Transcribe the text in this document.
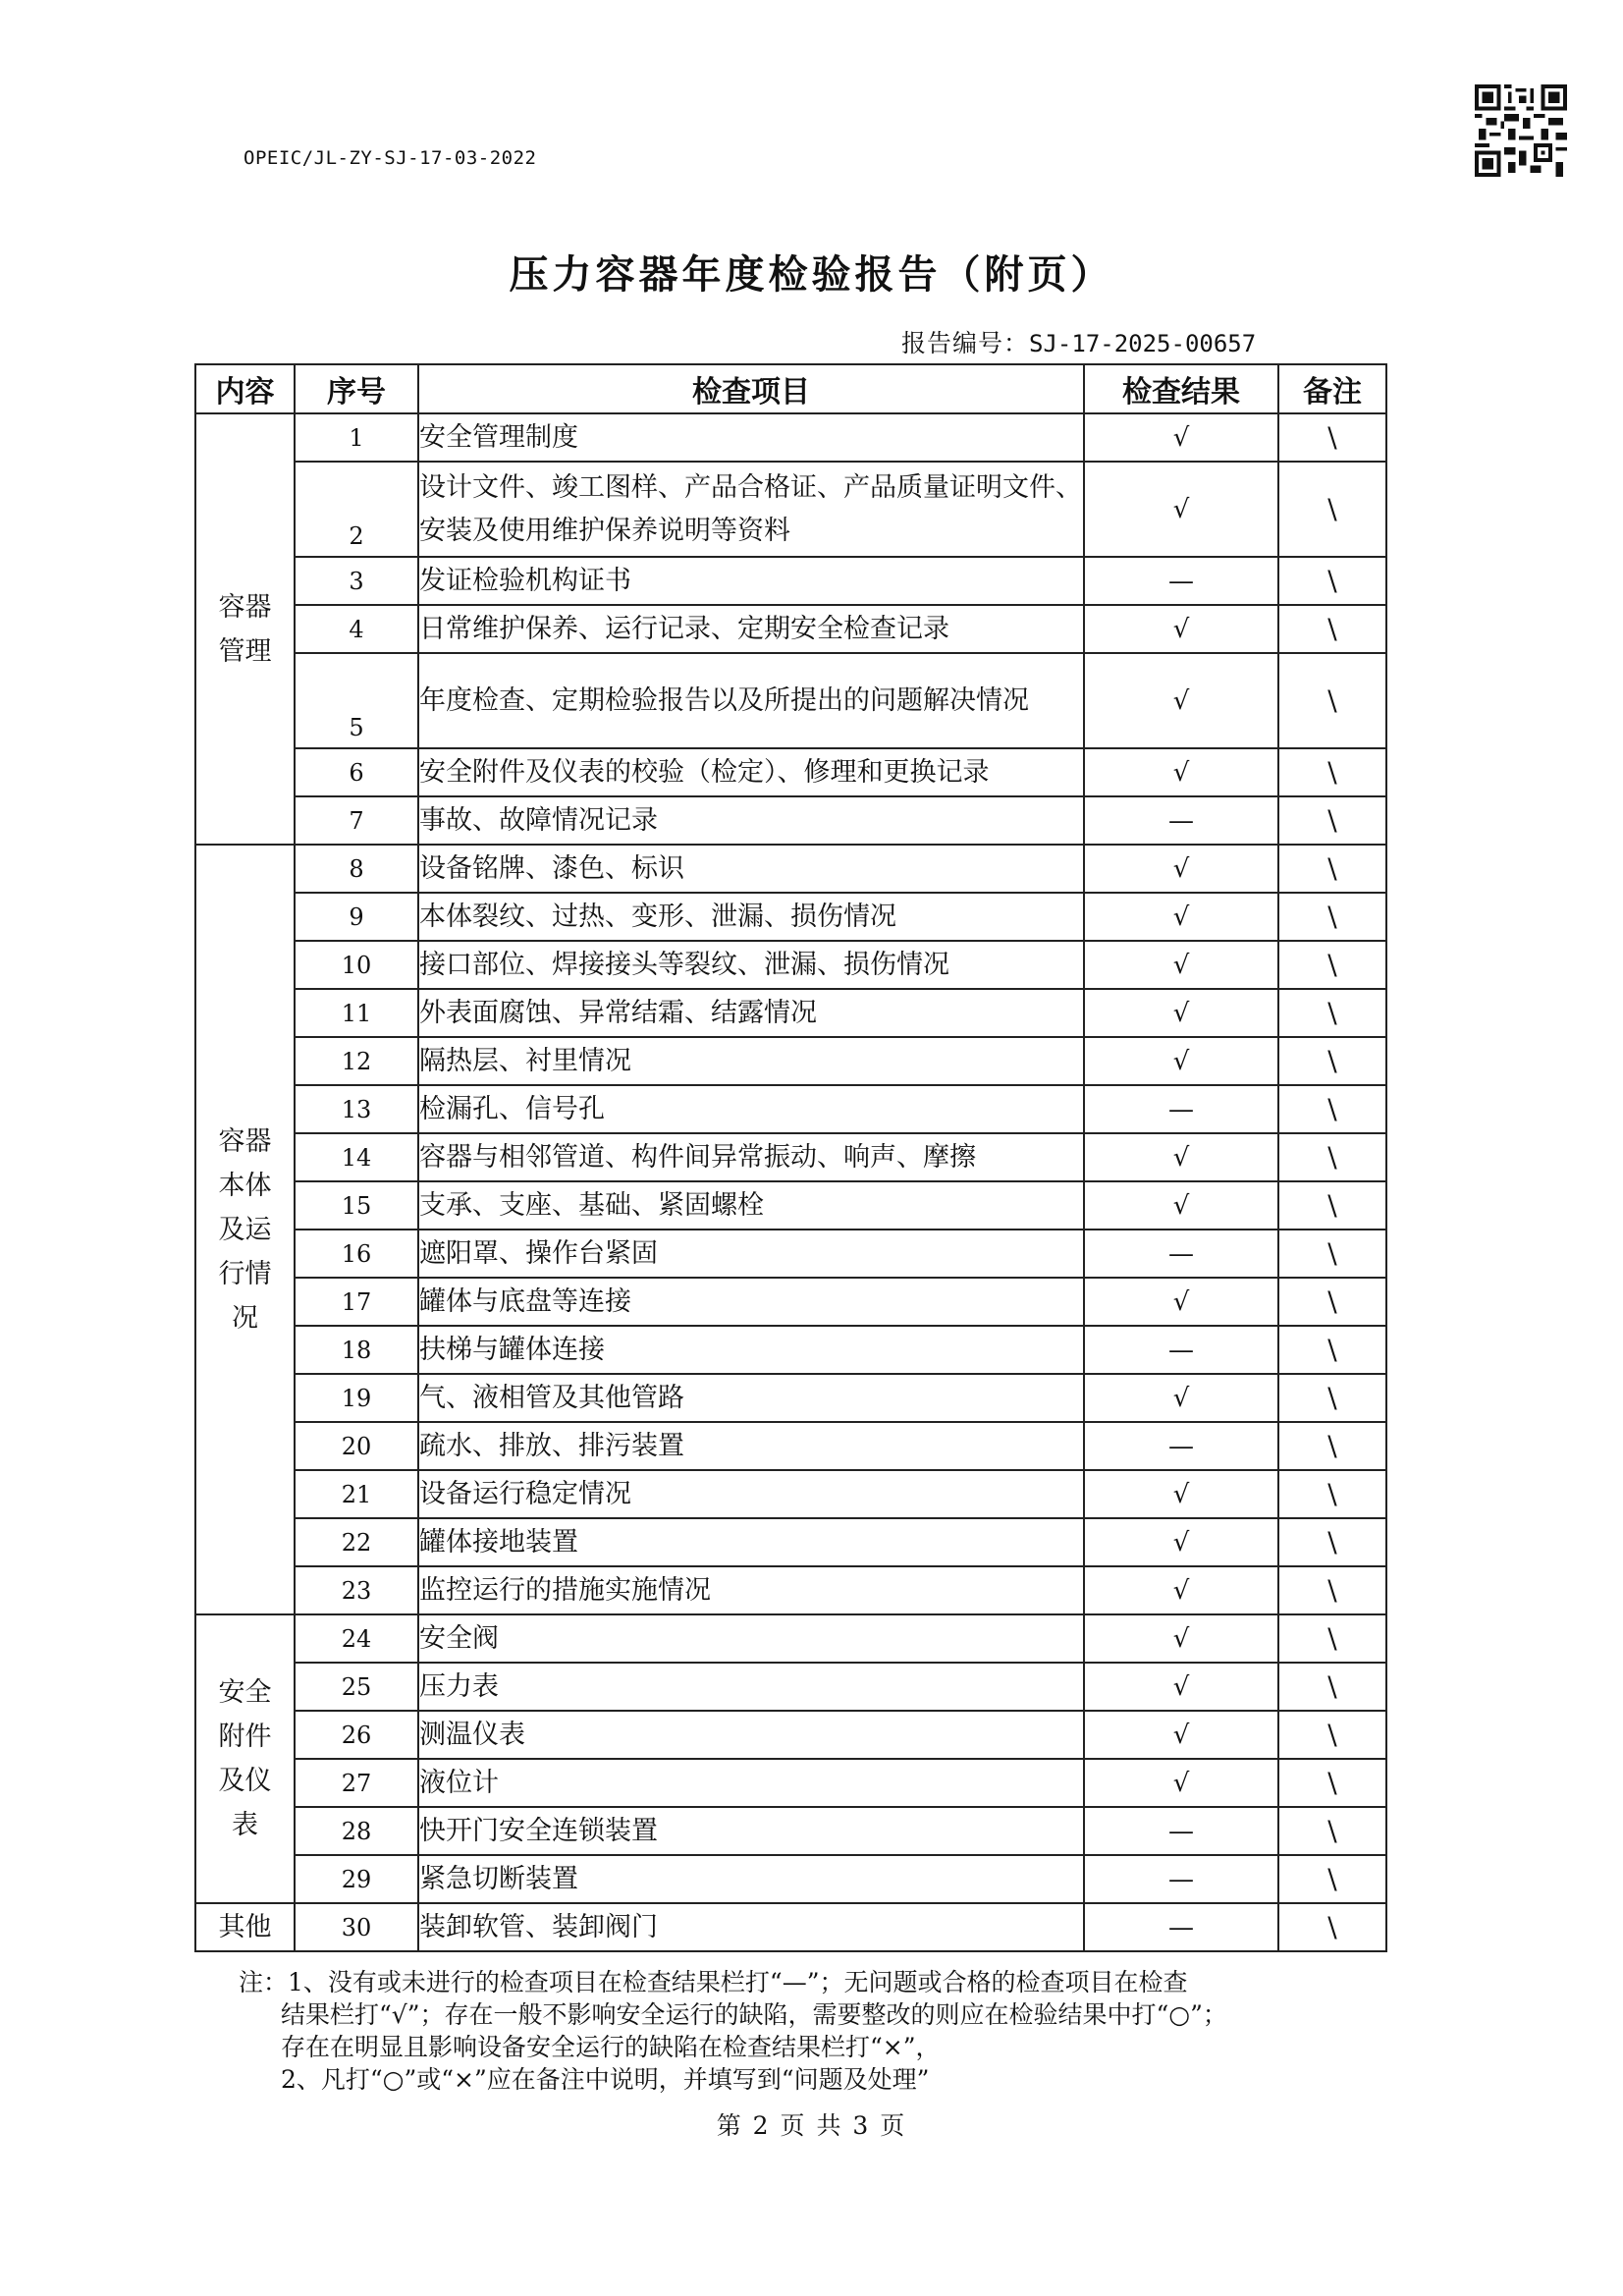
OPEIC/JL-ZY-SJ-17-03-2022
压力容器年度检验报告（附页）
报告编号：SJ-17-2025-00657
内容	序号	检查项目	检查结果	备注
容器管理	1	安全管理制度	√	\
	2	设计文件、竣工图样、产品合格证、产品质量证明文件、安装及使用维护保养说明等资料	√	\
	3	发证检验机构证书	—	\
	4	日常维护保养、运行记录、定期安全检查记录	√	\
	5	年度检查、定期检验报告以及所提出的问题解决情况	√	\
	6	安全附件及仪表的校验（检定）、修理和更换记录	√	\
	7	事故、故障情况记录	—	\
容器本体及运行情况	8	设备铭牌、漆色、标识	√	\
	9	本体裂纹、过热、变形、泄漏、损伤情况	√	\
	10	接口部位、焊接接头等裂纹、泄漏、损伤情况	√	\
	11	外表面腐蚀、异常结霜、结露情况	√	\
	12	隔热层、衬里情况	√	\
	13	检漏孔、信号孔	—	\
	14	容器与相邻管道、构件间异常振动、响声、摩擦	√	\
	15	支承、支座、基础、紧固螺栓	√	\
	16	遮阳罩、操作台紧固	—	\
	17	罐体与底盘等连接	√	\
	18	扶梯与罐体连接	—	\
	19	气、液相管及其他管路	√	\
	20	疏水、排放、排污装置	—	\
	21	设备运行稳定情况	√	\
	22	罐体接地装置	√	\
	23	监控运行的措施实施情况	√	\
安全附件及仪表	24	安全阀	√	\
	25	压力表	√	\
	26	测温仪表	√	\
	27	液位计	√	\
	28	快开门安全连锁装置	—	\
	29	紧急切断装置	—	\
其他	30	装卸软管、装卸阀门	—	\

注：1、没有或未进行的检查项目在检查结果栏打“—”；无问题或合格的检查项目在检查

结果栏打“√”；存在一般不影响安全运行的缺陷，需要整改的则应在检验结果中打“○”；

存在在明显且影响设备安全运行的缺陷在检查结果栏打“×”，

2、凡打“○”或“×”应在备注中说明，并填写到“问题及处理”

第 2 页 共 3 页
